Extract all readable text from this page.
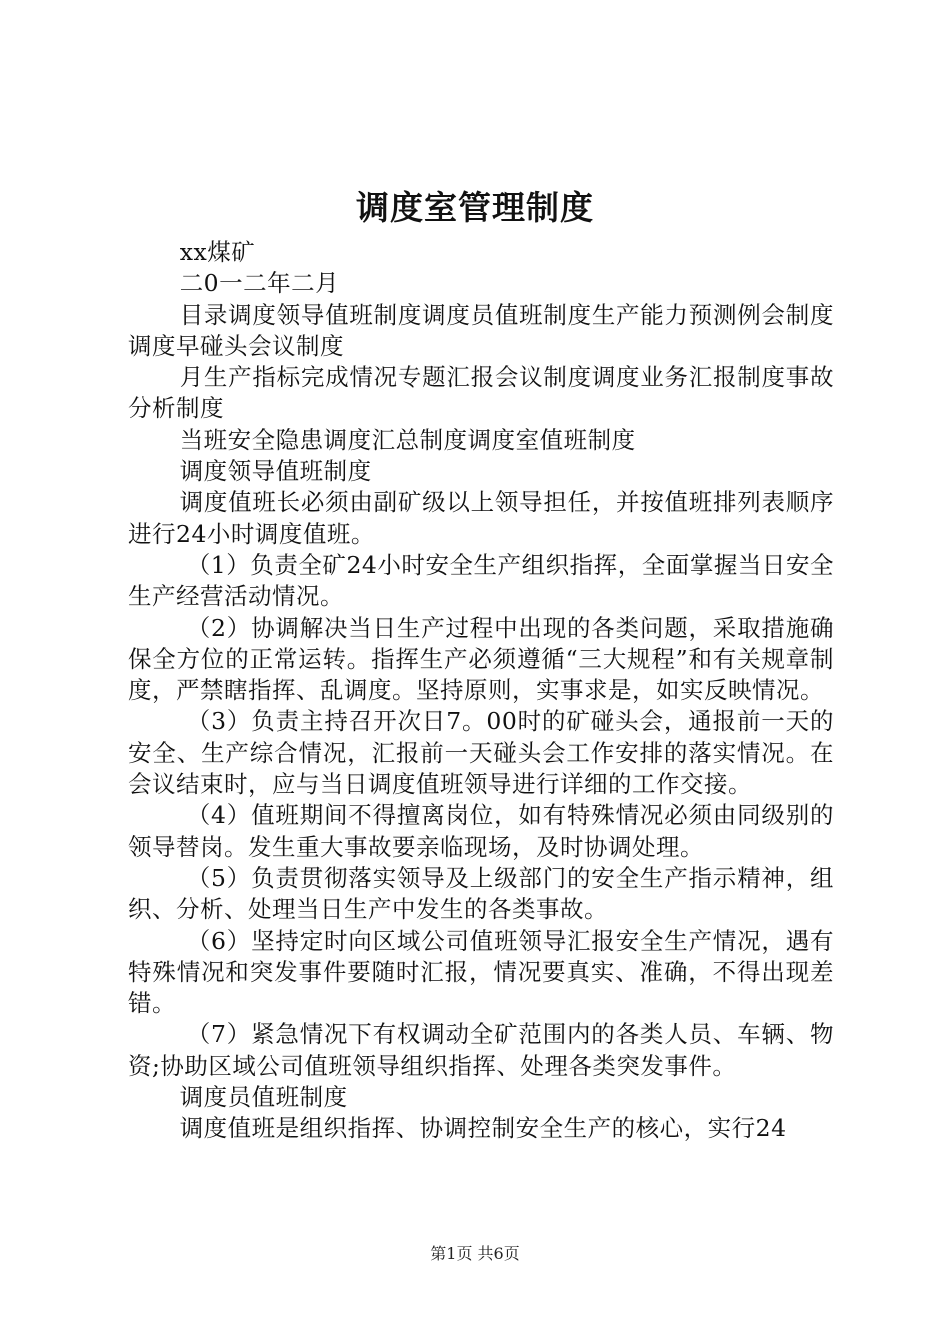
调度室管理制度

xx煤矿

二0一二年二月

目录调度领导值班制度调度员值班制度生产能力预测例会制度调度早碰头会议制度

月生产指标完成情况专题汇报会议制度调度业务汇报制度事故分析制度

当班安全隐患调度汇总制度调度室值班制度

调度领导值班制度

调度值班长必须由副矿级以上领导担任，并按值班排列表顺序进行24小时调度值班。

（1）负责全矿24小时安全生产组织指挥，全面掌握当日安全生产经营活动情况。

（2）协调解决当日生产过程中出现的各类问题，采取措施确保全方位的正常运转。指挥生产必须遵循“三大规程”和有关规章制度，严禁瞎指挥、乱调度。坚持原则，实事求是，如实反映情况。

（3）负责主持召开次日7。00时的矿碰头会，通报前一天的安全、生产综合情况，汇报前一天碰头会工作安排的落实情况。在会议结束时，应与当日调度值班领导进行详细的工作交接。

（4）值班期间不得擅离岗位，如有特殊情况必须由同级别的领导替岗。发生重大事故要亲临现场，及时协调处理。

（5）负责贯彻落实领导及上级部门的安全生产指示精神，组织、分析、处理当日生产中发生的各类事故。

（6）坚持定时向区域公司值班领导汇报安全生产情况，遇有特殊情况和突发事件要随时汇报，情况要真实、准确，不得出现差错。

（7）紧急情况下有权调动全矿范围内的各类人员、车辆、物资;协助区域公司值班领导组织指挥、处理各类突发事件。

调度员值班制度

调度值班是组织指挥、协调控制安全生产的核心，实行24

第1页 共6页
